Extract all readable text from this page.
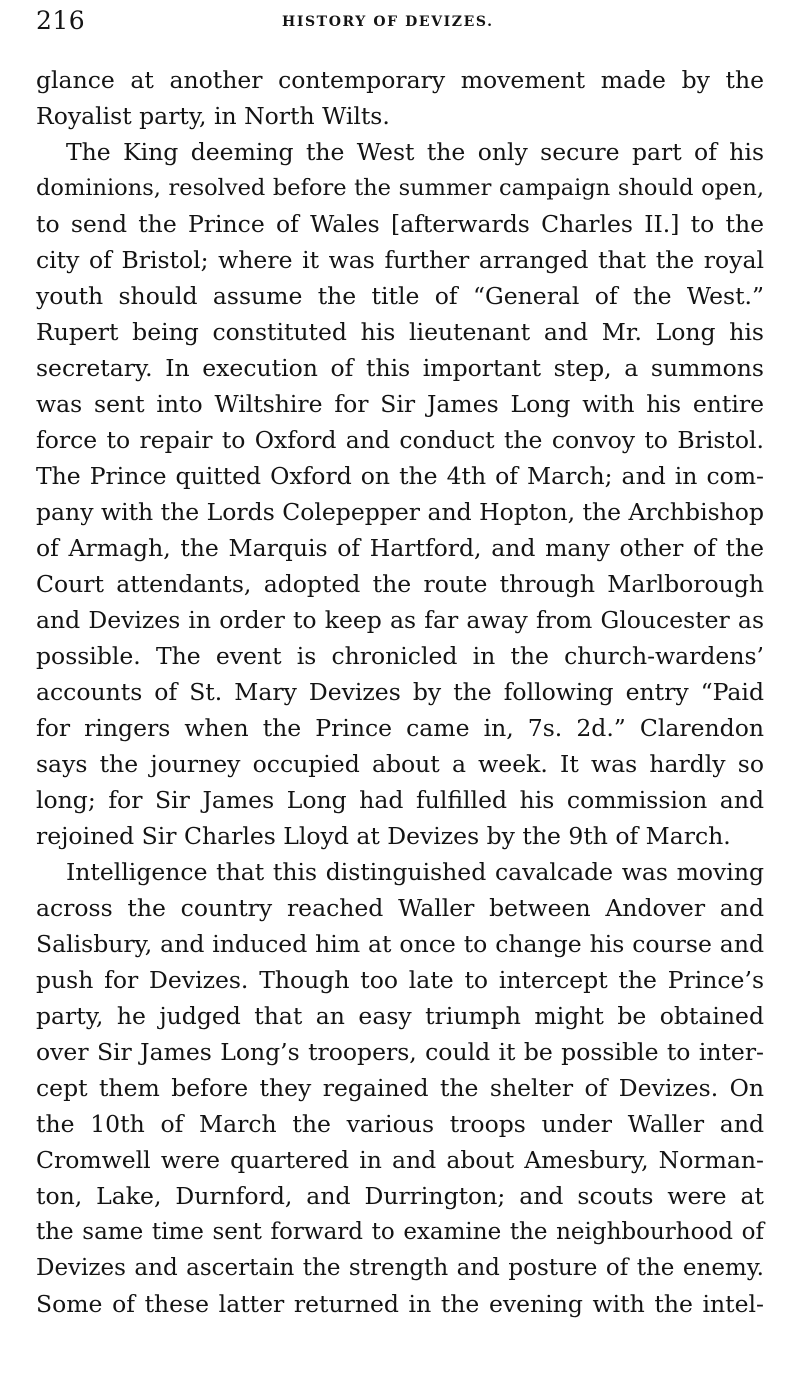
216	HISTORY OF DEVIZES.
glance at another contemporary movement made by the
Royalist party, in North Wilts.
The King deeming the West the only secure part of his
dominions, resolved before the summer campaign should open,
to send the Prince of Wales [afterwards Charles II.] to the
city of Bristol; where it was further arranged that the royal
youth should assume the title of “General of the West.”
Rupert being constituted his lieutenant and Mr. Long his
secretary. In execution of this important step, a summons
was sent into Wiltshire for Sir James Long with his entire
force to repair to Oxford and conduct the convoy to Bristol.
The Prince quitted Oxford on the 4th of March; and in com-
pany with the Lords Colepepper and Hopton, the Archbishop
of Armagh, the Marquis of Hartford, and many other of the
Court attendants, adopted the route through Marlborough
and Devizes in order to keep as far away from Gloucester as
possible. The event is chronicled in the church-wardens’
accounts of St. Mary Devizes by the following entry “Paid
for ringers when the Prince came in, 7s. 2d.” Clarendon
says the journey occupied about a week. It was hardly so
long; for Sir James Long had fulfilled his commission and
rejoined Sir Charles Lloyd at Devizes by the 9th of March.
Intelligence that this distinguished cavalcade was moving
across the country reached Waller between Andover and
Salisbury, and induced him at once to change his course and
push for Devizes. Though too late to intercept the Prince’s
party, he judged that an easy triumph might be obtained
over Sir James Long’s troopers, could it be possible to inter-
cept them before they regained the shelter of Devizes. On
the 10th of March the various troops under Waller and
Cromwell were quartered in and about Amesbury, Norman-
ton, Lake, Durnford, and Durrington; and scouts were at
the same time sent forward to examine the neighbourhood of
Devizes and ascertain the strength and posture of the enemy.
Some of these latter returned in the evening with the intel-
